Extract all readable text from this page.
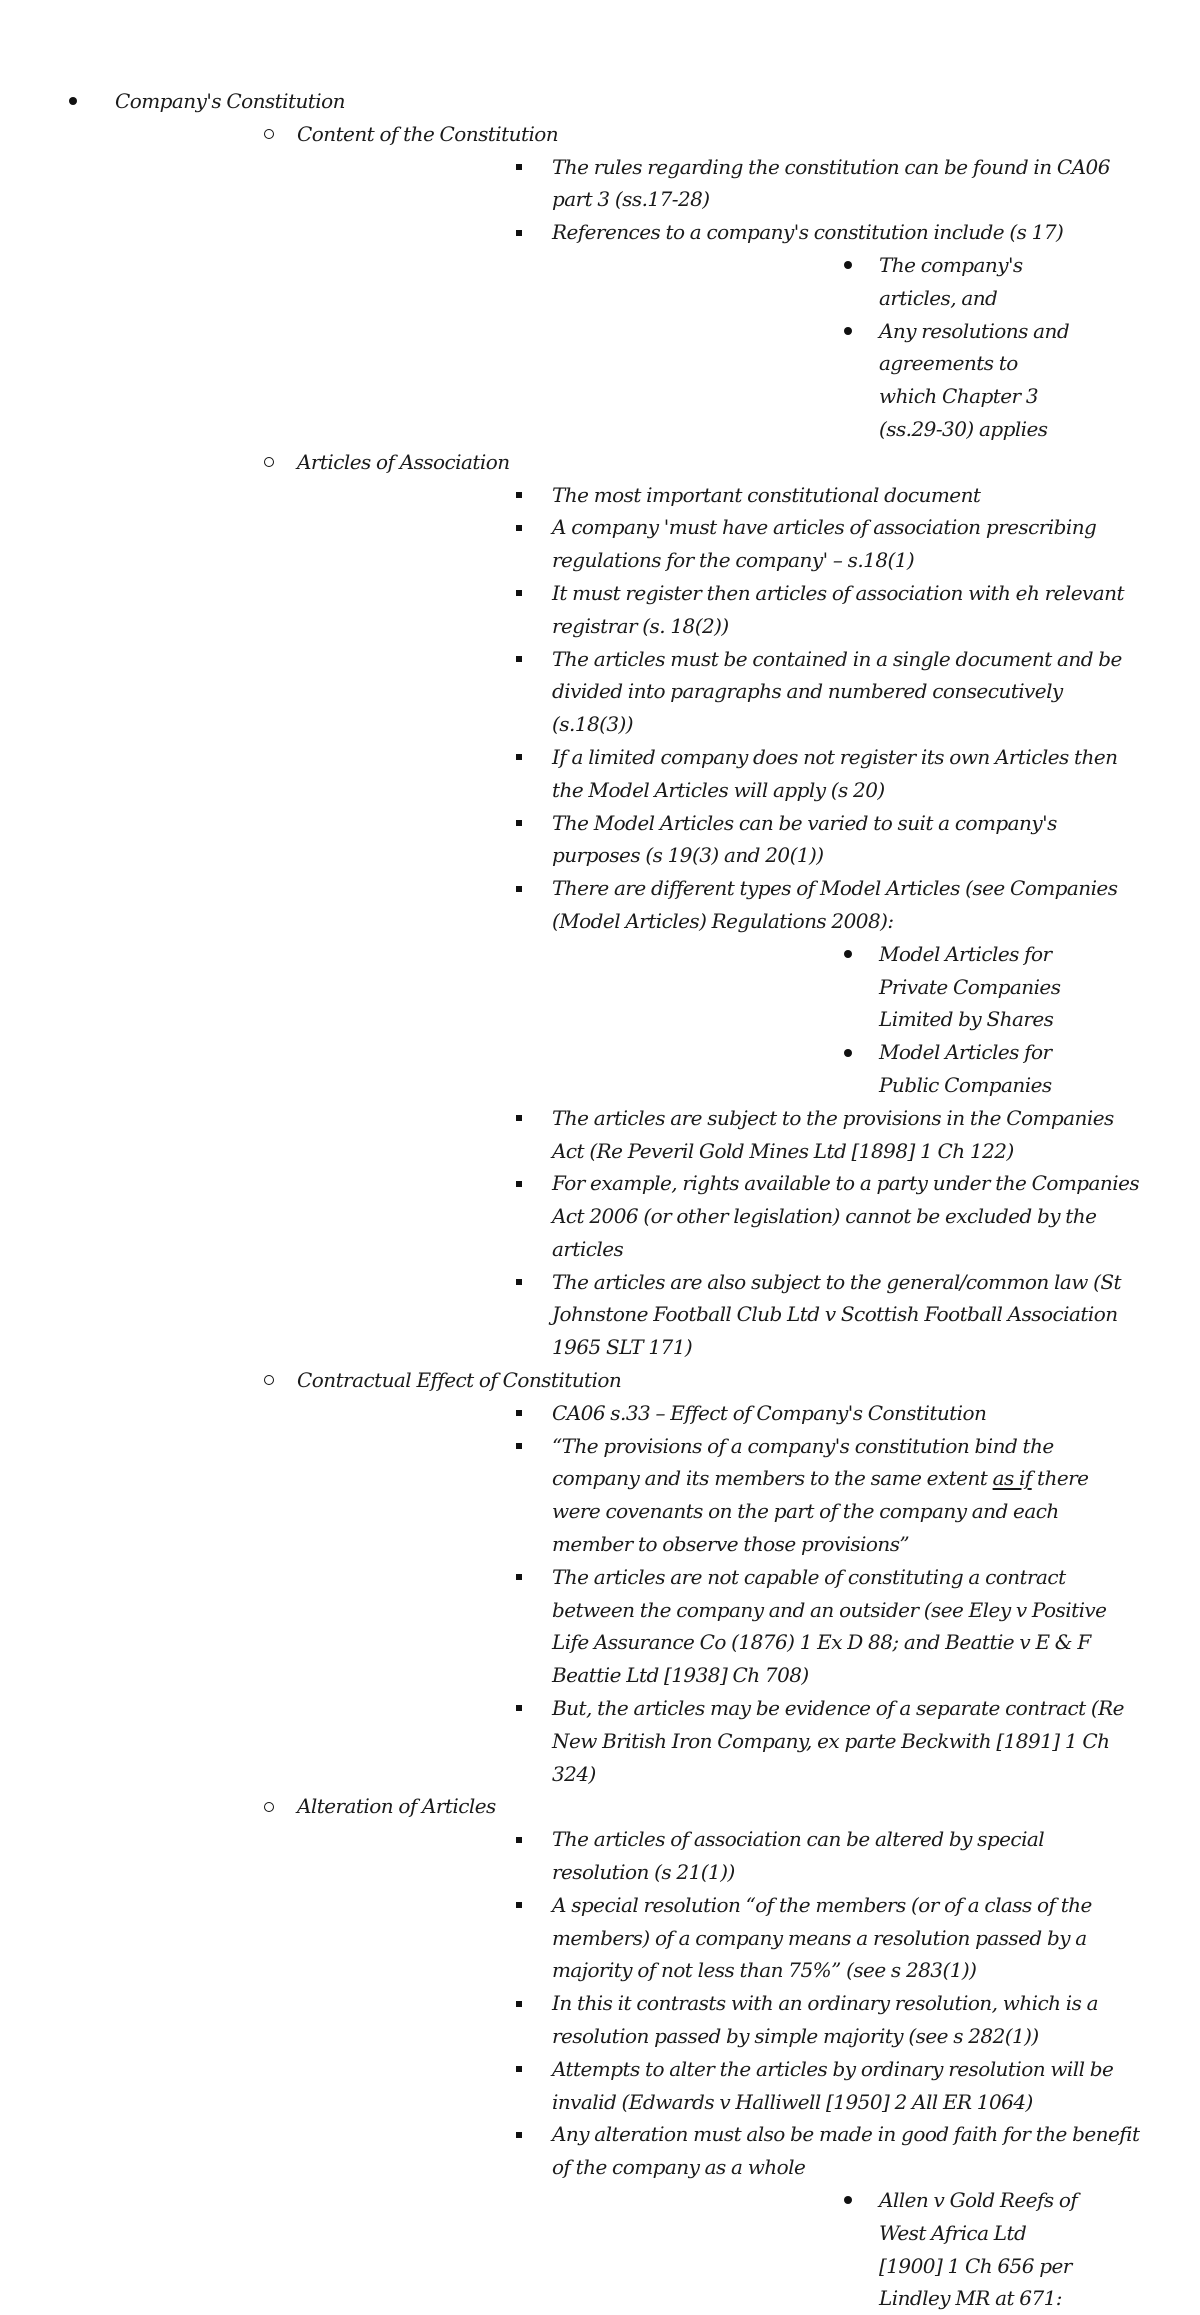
Company's Constitution
Content of the Constitution
The rules regarding the constitution can be found in CA06 part 3 (ss.17-28)
References to a company's constitution include (s 17)
The company's articles, and
Any resolutions and agreements to which Chapter 3 (ss.29-30) applies
Articles of Association
The most important constitutional document
A company 'must have articles of association prescribing regulations for the company' – s.18(1)
It must register then articles of association with eh relevant registrar (s. 18(2))
The articles must be contained in a single document and be divided into paragraphs and numbered consecutively (s.18(3))
If a limited company does not register its own Articles then the Model Articles will apply (s 20)
The Model Articles can be varied to suit a company's purposes (s 19(3) and 20(1))
There are different types of Model Articles (see Companies (Model Articles) Regulations 2008):
Model Articles for Private Companies Limited by Shares
Model Articles for Public Companies
The articles are subject to the provisions in the Companies Act (Re Peveril Gold Mines Ltd [1898] 1 Ch 122)
For example, rights available to a party under the Companies Act 2006 (or other legislation) cannot be excluded by the articles
The articles are also subject to the general/common law (St Johnstone Football Club Ltd v Scottish Football Association 1965 SLT 171)
Contractual Effect of Constitution
CA06 s.33 – Effect of Company's Constitution
“The provisions of a company's constitution bind the company and its members to the same extent as if there were covenants on the part of the company and each member to observe those provisions”
The articles are not capable of constituting a contract between the company and an outsider (see Eley v Positive Life Assurance Co (1876) 1 Ex D 88; and Beattie v E & F Beattie Ltd [1938] Ch 708)
But, the articles may be evidence of a separate contract (Re New British Iron Company, ex parte Beckwith [1891] 1 Ch 324)
Alteration of Articles
The articles of association can be altered by special resolution (s 21(1))
A special resolution “of the members (or of a class of the members) of a company means a resolution passed by a majority of not less than 75%” (see s 283(1))
In this it contrasts with an ordinary resolution, which is a resolution passed by simple majority (see s 282(1))
Attempts to alter the articles by ordinary resolution will be invalid (Edwards v Halliwell [1950] 2 All ER 1064)
Any alteration must also be made in good faith for the benefit of the company as a whole
Allen v Gold Reefs of West Africa Ltd [1900] 1 Ch 656 per Lindley MR at 671:
